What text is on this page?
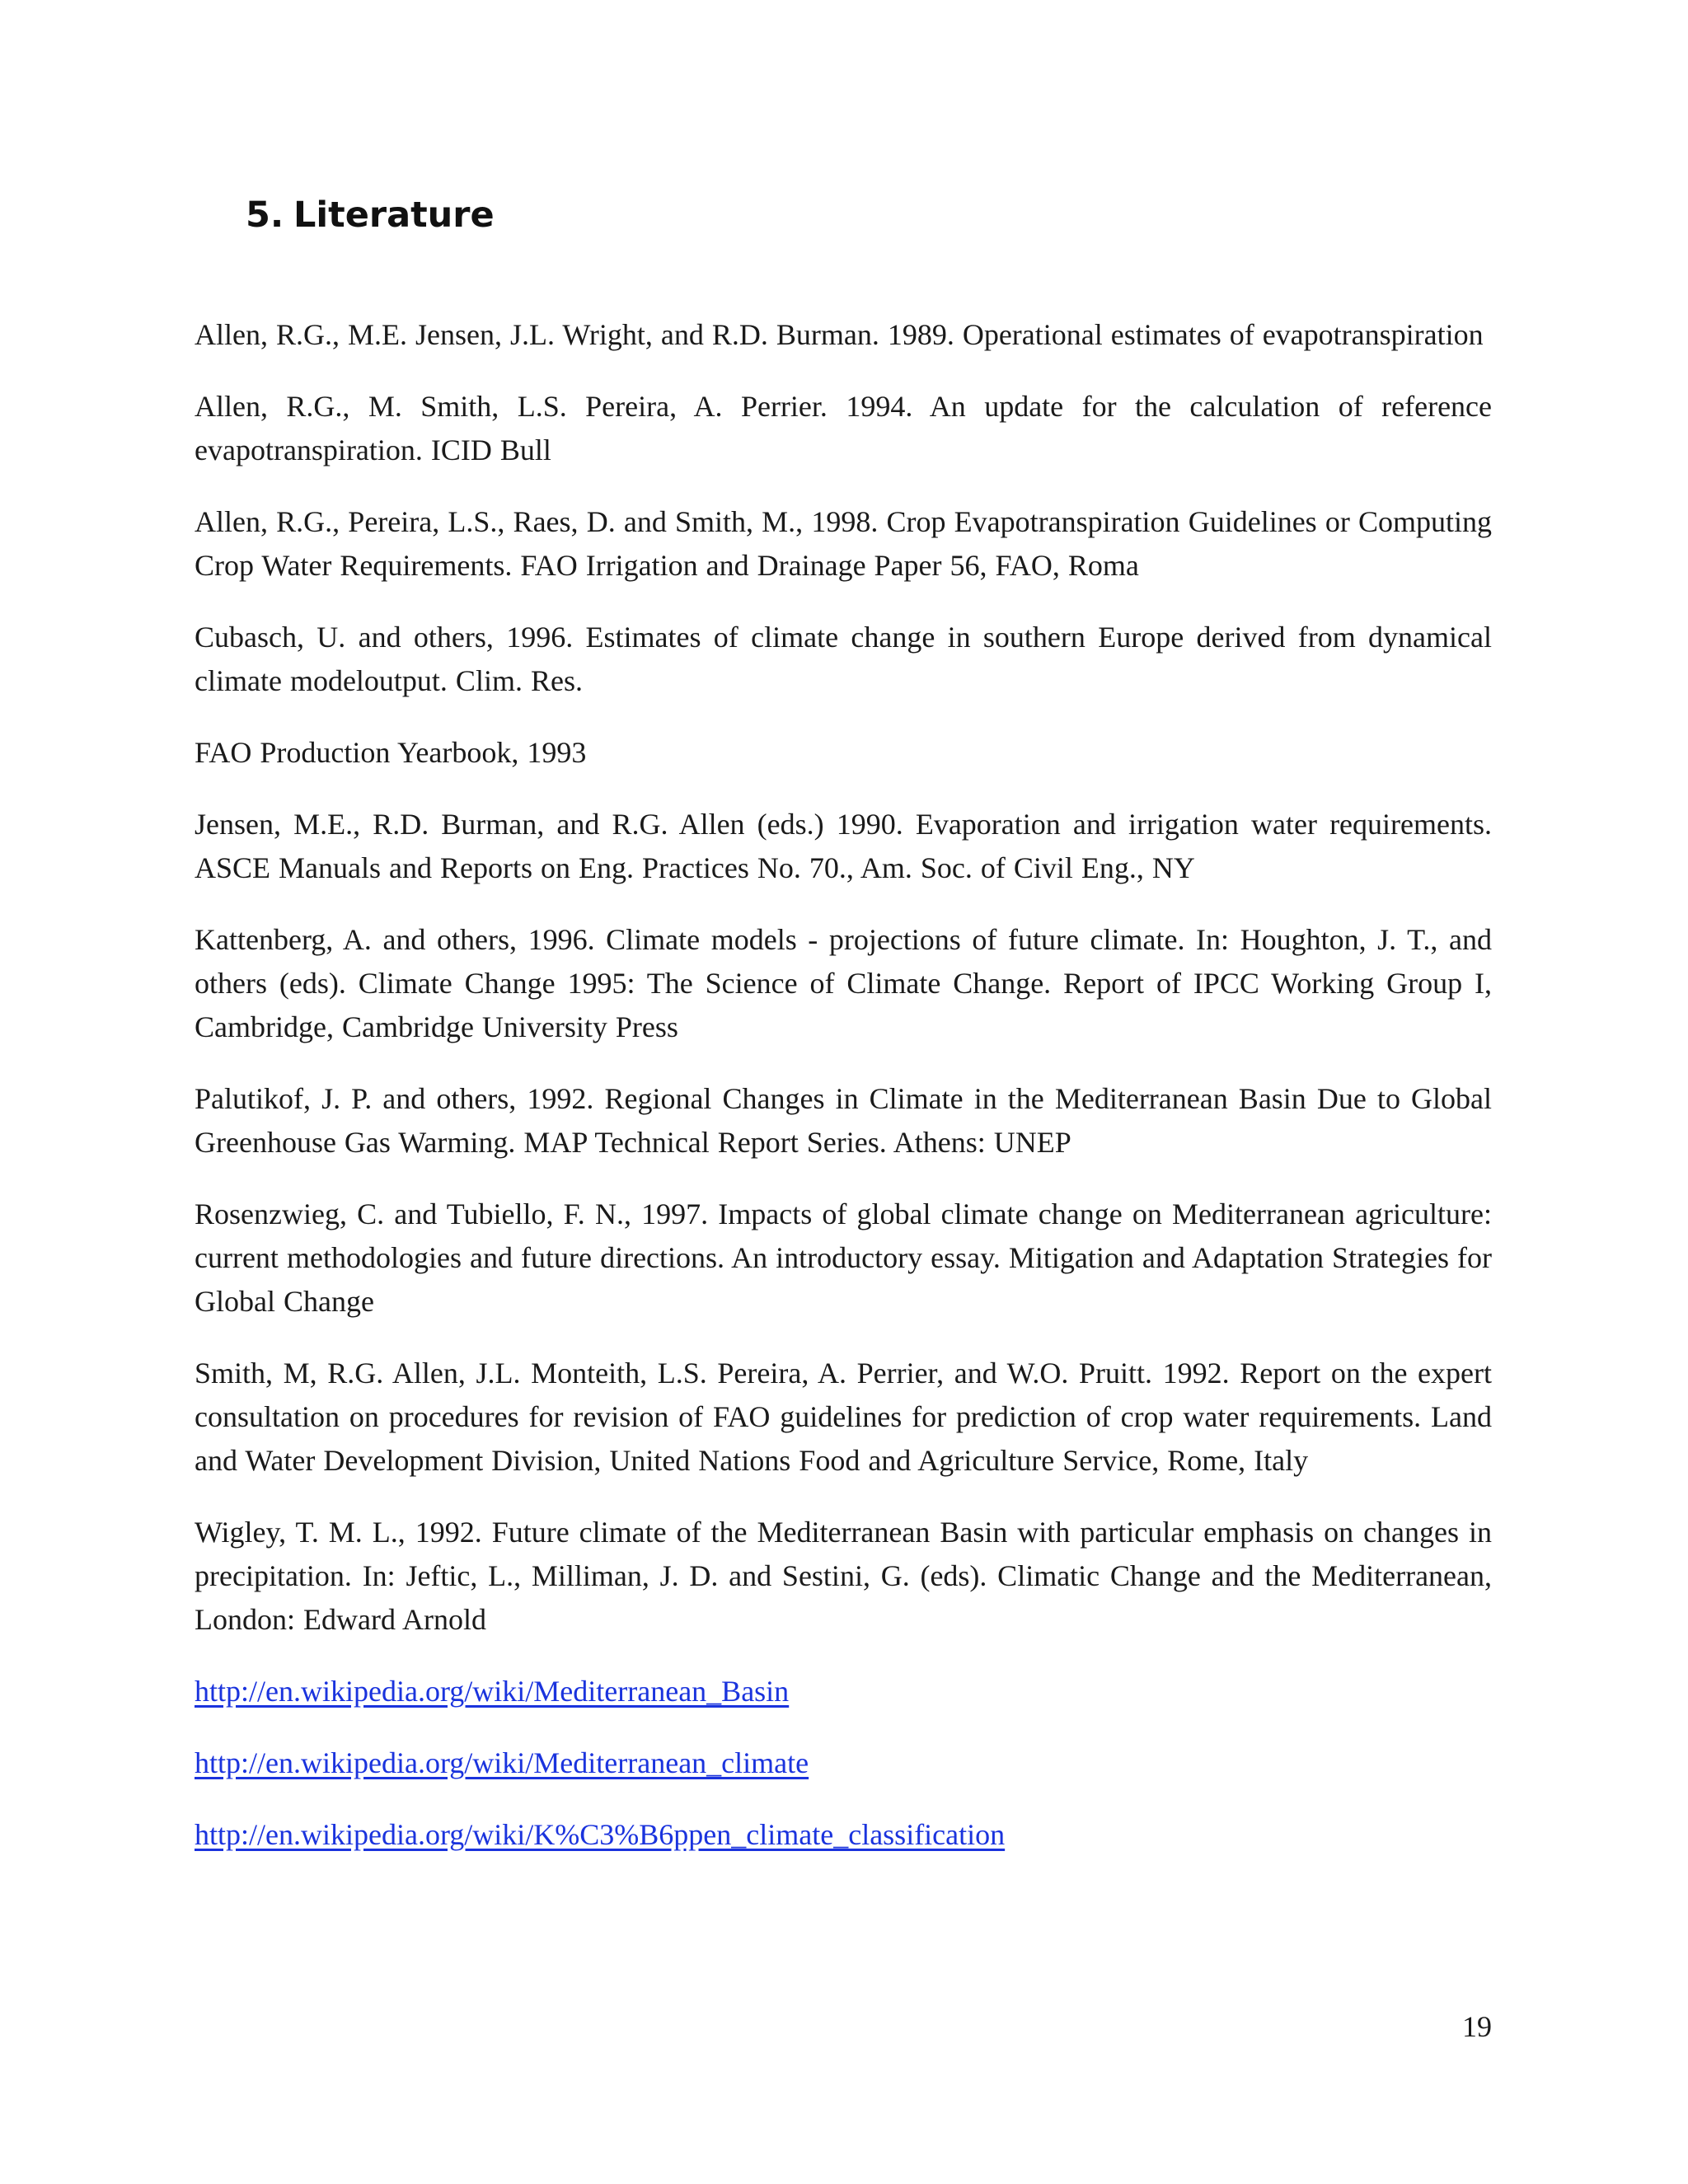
5. Literature

Allen, R.G., M.E. Jensen, J.L. Wright, and R.D. Burman. 1989. Operational estimates of evapotranspiration

Allen, R.G., M. Smith, L.S. Pereira, A. Perrier. 1994. An update for the calculation of reference evapotranspiration. ICID Bull

Allen, R.G., Pereira, L.S., Raes, D. and Smith, M., 1998. Crop Evapotranspiration Guidelines or Computing Crop Water Requirements. FAO Irrigation and Drainage Paper 56, FAO, Roma

Cubasch, U. and others, 1996. Estimates of climate change in southern Europe derived from dynamical climate modeloutput. Clim. Res.

FAO Production Yearbook, 1993

Jensen, M.E., R.D. Burman, and R.G. Allen (eds.) 1990. Evaporation and irrigation water requirements. ASCE Manuals and Reports on Eng. Practices No. 70., Am. Soc. of Civil Eng., NY

Kattenberg, A. and others, 1996. Climate models - projections of future climate. In: Houghton, J. T., and others (eds). Climate Change 1995: The Science of Climate Change. Report of IPCC Working Group I, Cambridge, Cambridge University Press

Palutikof, J. P. and others, 1992. Regional Changes in Climate in the Mediterranean Basin Due to Global Greenhouse Gas Warming. MAP Technical Report Series. Athens: UNEP

Rosenzwieg, C. and Tubiello, F. N., 1997. Impacts of global climate change on Mediterranean agriculture: current methodologies and future directions. An introductory essay. Mitigation and Adaptation Strategies for Global Change

Smith, M, R.G. Allen, J.L. Monteith, L.S. Pereira, A. Perrier, and W.O. Pruitt. 1992. Report on the expert consultation on procedures for revision of FAO guidelines for prediction of crop water requirements. Land and Water Development Division, United Nations Food and Agriculture Service, Rome, Italy

Wigley, T. M. L., 1992. Future climate of the Mediterranean Basin with particular emphasis on changes in precipitation. In: Jeftic, L., Milliman, J. D. and Sestini, G. (eds). Climatic Change and the Mediterranean, London: Edward Arnold

http://en.wikipedia.org/wiki/Mediterranean_Basin
http://en.wikipedia.org/wiki/Mediterranean_climate
http://en.wikipedia.org/wiki/K%C3%B6ppen_climate_classification
19
